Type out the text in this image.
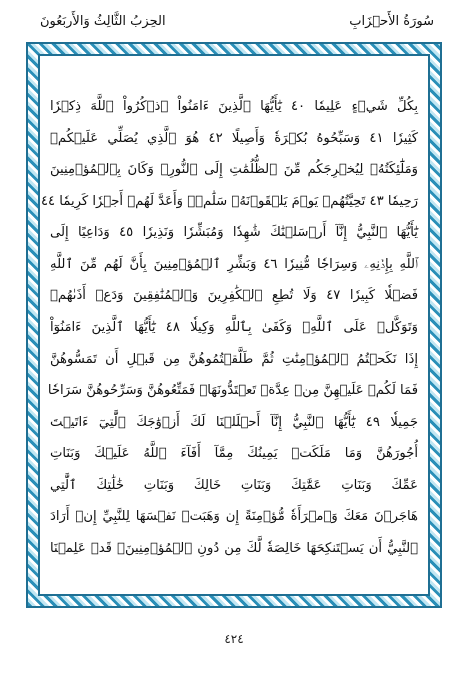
سُورَةُ الأَحۡزَابِ
الحِزبُ الثَّالِثُ وَالأَربَعُونَ
بِكُلِّ شَيۡءٍ عَلِيمٗا ٤٠ يَٰٓأَيُّهَا ٱلَّذِينَ ءَامَنُواْ ٱذۡكُرُواْ ٱللَّهَ ذِكۡرٗا
كَثِيرٗا ٤١ وَسَبِّحُوهُ بُكۡرَةٗ وَأَصِيلًا ٤٢ هُوَ ٱلَّذِي يُصَلِّي عَلَيۡكُمۡ
وَمَلَٰٓئِكَتُهُۥ لِيُخۡرِجَكُم مِّنَ ٱلظُّلُمَٰتِ إِلَى ٱلنُّورِۚ وَكَانَ بِٱلۡمُؤۡمِنِينَ
رَحِيمٗا ٤٣ تَحِيَّتُهُمۡ يَوۡمَ يَلۡقَوۡنَهُۥ سَلَٰمٞۚ وَأَعَدَّ لَهُمۡ أَجۡرٗا كَرِيمٗا ٤٤
يَٰٓأَيُّهَا ٱلنَّبِيُّ إِنَّآ أَرۡسَلۡنَٰكَ شَٰهِدٗا وَمُبَشِّرٗا وَنَذِيرٗا ٤٥ وَدَاعِيًا إِلَى
ٱللَّهِ بِإِذۡنِهِۦ وَسِرَاجٗا مُّنِيرٗا ٤٦ وَبَشِّرِ ٱلۡمُؤۡمِنِينَ بِأَنَّ لَهُم مِّنَ ٱللَّهِ
فَضۡلٗا كَبِيرٗا ٤٧ وَلَا تُطِعِ ٱلۡكَٰفِرِينَ وَٱلۡمُنَٰفِقِينَ وَدَعۡ أَذَىٰهُمۡ
وَتَوَكَّلۡ عَلَى ٱللَّهِۚ وَكَفَىٰ بِٱللَّهِ وَكِيلٗا ٤٨ يَٰٓأَيُّهَا ٱلَّذِينَ ءَامَنُوٓاْ
إِذَا نَكَحۡتُمُ ٱلۡمُؤۡمِنَٰتِ ثُمَّ طَلَّقۡتُمُوهُنَّ مِن قَبۡلِ أَن تَمَسُّوهُنَّ
فَمَا لَكُمۡ عَلَيۡهِنَّ مِنۡ عِدَّةٖ تَعۡتَدُّونَهَاۖ فَمَتِّعُوهُنَّ وَسَرِّحُوهُنَّ سَرَاحٗا
جَمِيلٗا ٤٩ يَٰٓأَيُّهَا ٱلنَّبِيُّ إِنَّآ أَحۡلَلۡنَا لَكَ أَزۡوَٰجَكَ ٱلَّٰتِيٓ ءَاتَيۡتَ
أُجُورَهُنَّ وَمَا مَلَكَتۡ يَمِينُكَ مِمَّآ أَفَآءَ ٱللَّهُ عَلَيۡكَ وَبَنَاتِ
عَمِّكَ وَبَنَاتِ عَمَّٰتِكَ وَبَنَاتِ خَالِكَ وَبَنَاتِ خَٰلَٰتِكَ ٱلَّٰتِي
هَاجَرۡنَ مَعَكَ وَٱمۡرَأَةٗ مُّؤۡمِنَةً إِن وَهَبَتۡ نَفۡسَهَا لِلنَّبِيِّ إِنۡ أَرَادَ
ٱلنَّبِيُّ أَن يَسۡتَنكِحَهَا خَالِصَةٗ لَّكَ مِن دُونِ ٱلۡمُؤۡمِنِينَۗ قَدۡ عَلِمۡنَا
٤٢٤
